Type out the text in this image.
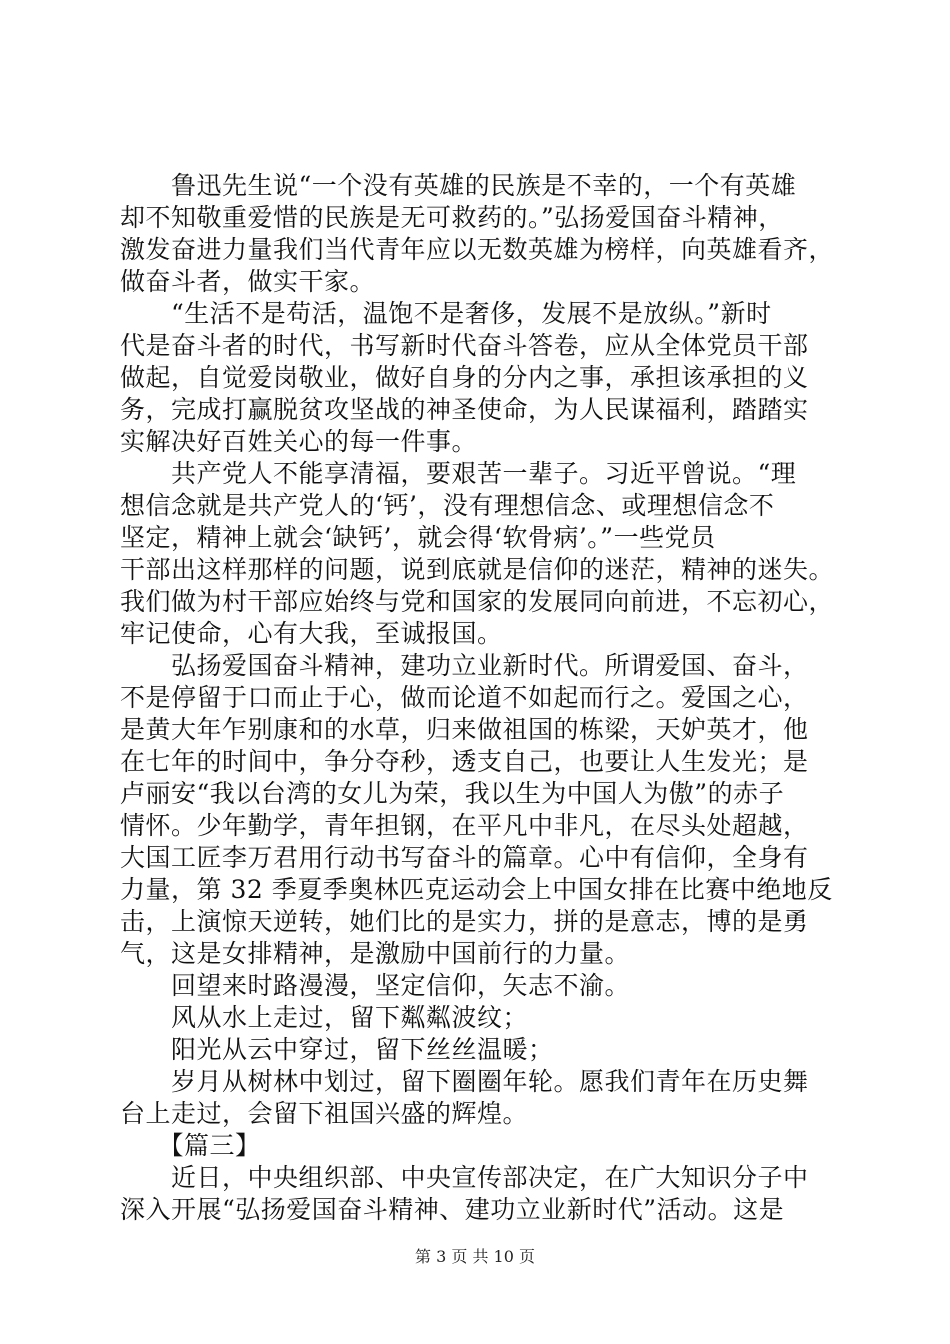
　　鲁迅先生说“一个没有英雄的民族是不幸的，一个有英雄
却不知敬重爱惜的民族是无可救药的。”弘扬爱国奋斗精神，
激发奋进力量我们当代青年应以无数英雄为榜样，向英雄看齐，
做奋斗者，做实干家。
　　“生活不是苟活，温饱不是奢侈，发展不是放纵。”新时
代是奋斗者的时代，书写新时代奋斗答卷，应从全体党员干部
做起，自觉爱岗敬业，做好自身的分内之事，承担该承担的义
务，完成打赢脱贫攻坚战的神圣使命，为人民谋福利，踏踏实
实解决好百姓关心的每一件事。
　　共产党人不能享清福，要艰苦一辈子。习近平曾说。“理
想信念就是共产党人的‘钙’，没有理想信念、或理想信念不
坚定，精神上就会‘缺钙’，就会得‘软骨病’。”一些党员
干部出这样那样的问题，说到底就是信仰的迷茫，精神的迷失。
我们做为村干部应始终与党和国家的发展同向前进，不忘初心，
牢记使命，心有大我，至诚报国。
　　弘扬爱国奋斗精神，建功立业新时代。所谓爱国、奋斗，
不是停留于口而止于心，做而论道不如起而行之。爱国之心，
是黄大年乍别康和的水草，归来做祖国的栋梁，天妒英才，他
在七年的时间中，争分夺秒，透支自己，也要让人生发光；是
卢丽安“我以台湾的女儿为荣，我以生为中国人为傲”的赤子
情怀。少年勤学，青年担钢，在平凡中非凡，在尽头处超越，
大国工匠李万君用行动书写奋斗的篇章。心中有信仰，全身有
力量，第 32 季夏季奥林匹克运动会上中国女排在比赛中绝地反
击，上演惊天逆转，她们比的是实力，拼的是意志，博的是勇
气，这是女排精神，是激励中国前行的力量。
　　回望来时路漫漫，坚定信仰，矢志不渝。
　　风从水上走过，留下粼粼波纹；
　　阳光从云中穿过，留下丝丝温暖；
　　岁月从树林中划过，留下圈圈年轮。愿我们青年在历史舞
台上走过，会留下祖国兴盛的辉煌。
　　【篇三】
　　近日，中央组织部、中央宣传部决定，在广大知识分子中
深入开展“弘扬爱国奋斗精神、建功立业新时代”活动。这是
第 3 页 共 10 页
